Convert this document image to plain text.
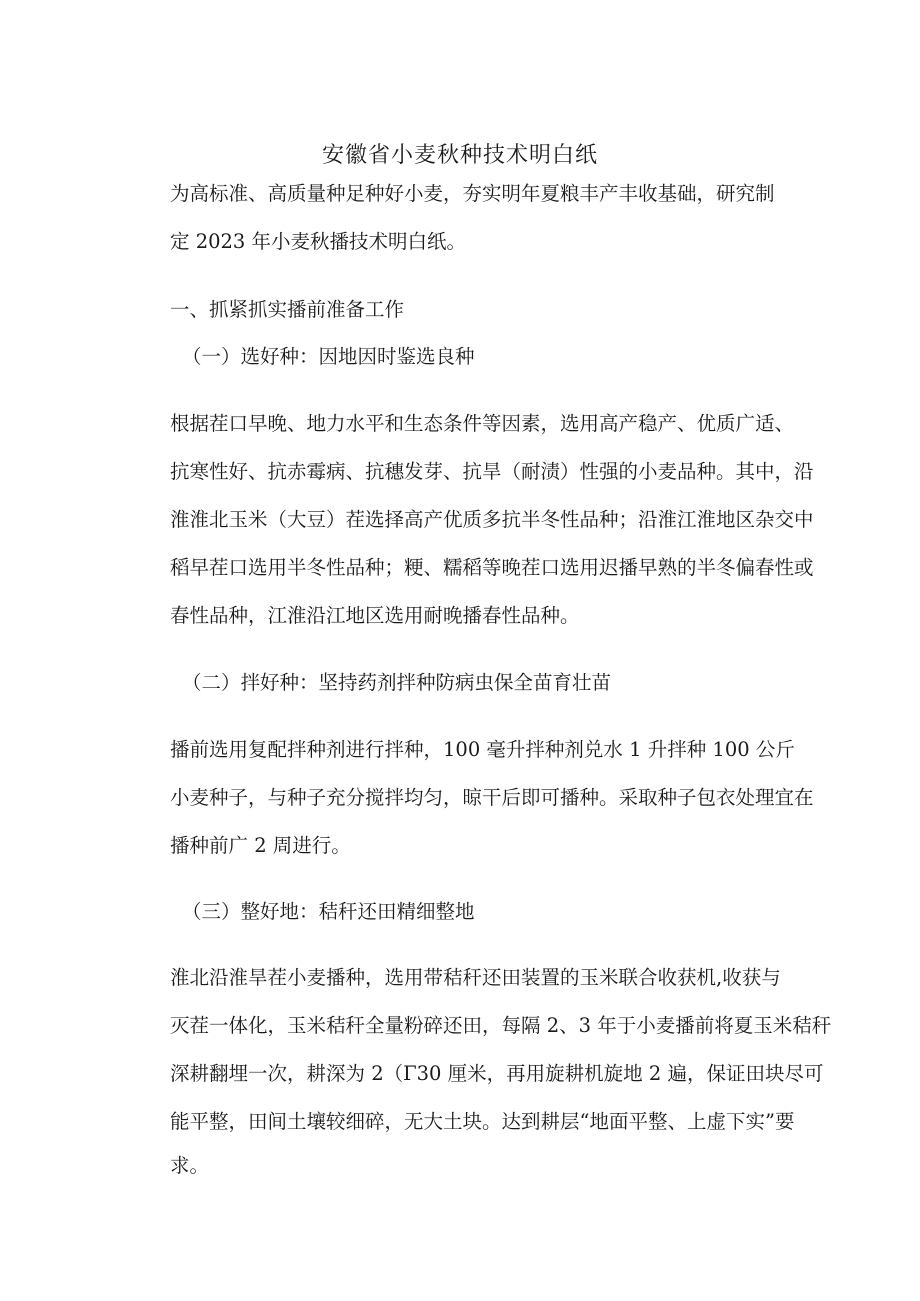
安徽省小麦秋种技术明白纸
为高标准、高质量种足种好小麦，夯实明年夏粮丰产丰收基础，研究制
定 2023 年小麦秋播技术明白纸。
一、抓紧抓实播前准备工作
（一）选好种：因地因时鉴选良种
根据茬口早晚、地力水平和生态条件等因素，选用高产稳产、优质广适、
抗寒性好、抗赤霉病、抗穗发芽、抗旱（耐渍）性强的小麦品种。其中，沿
淮淮北玉米（大豆）茬选择高产优质多抗半冬性品种；沿淮江淮地区杂交中
稻早茬口选用半冬性品种；粳、糯稻等晚茬口选用迟播早熟的半冬偏春性或
春性品种，江淮沿江地区选用耐晚播春性品种。
（二）拌好种：坚持药剂拌种防病虫保全苗育壮苗
播前选用复配拌种剂进行拌种，100 毫升拌种剂兑水 1 升拌种 100 公斤
小麦种子，与种子充分搅拌均匀，晾干后即可播种。采取种子包衣处理宜在
播种前广 2 周进行。
（三）整好地：秸秆还田精细整地
淮北沿淮旱茬小麦播种，选用带秸秆还田装置的玉米联合收获机,收获与
灭茬一体化，玉米秸秆全量粉碎还田，每隔 2、3 年于小麦播前将夏玉米秸秆
深耕翻埋一次，耕深为 2（Γ30 厘米，再用旋耕机旋地 2 遍，保证田块尽可
能平整，田间土壤较细碎，无大土块。达到耕层“地面平整、上虚下实”要
求。
